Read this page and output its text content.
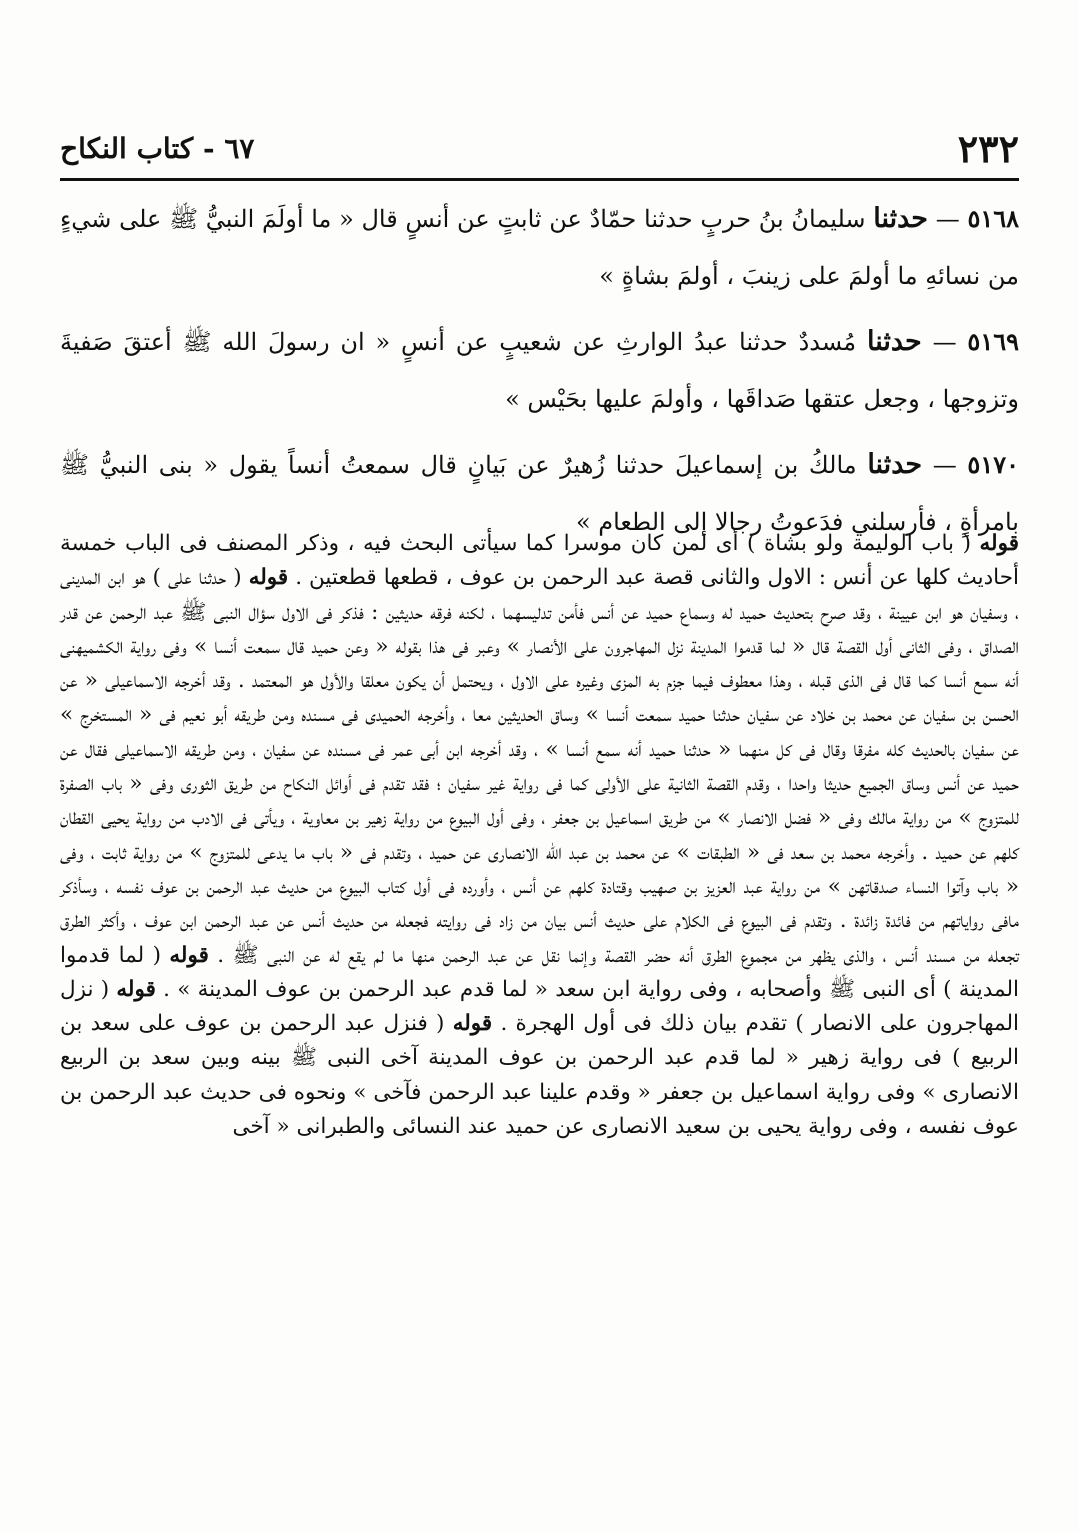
٢٣٢
٦٧ - كتاب النكاح

٥١٦٨ — حدثنا سليمانُ بنُ حربٍ حدثنا حمّادٌ عن ثابتٍ عن أنسٍ قال « ما أولَمَ النبيُّ ﷺ على شيءٍ من نسائهِ ما أولمَ على زينبَ ، أولمَ بشاةٍ »

٥١٦٩ — حدثنا مُسددٌ حدثنا عبدُ الوارثِ عن شعيبٍ عن أنسٍ « ان رسولَ الله ﷺ أعتقَ صَفيةَ وتزوجها ، وجعل عتقها صَداقَها ، وأولمَ عليها بحَيْس »

٥١٧٠ — حدثنا مالكُ بن إسماعيلَ حدثنا زُهيرٌ عن بَيانٍ قال سمعتُ أنساً يقول « بنى النبيُّ ﷺ بامرأةٍ ، فأرسلني فدَعوتُ رجالا إلى الطعام »

قوله ( باب الوليمة ولو بشاة ) أى لمن كان موسرا كما سيأتى البحث فيه ، وذكر المصنف فى الباب خمسة أحاديث كلها عن أنس : الاول والثانى قصة عبد الرحمن بن عوف ، قطعها قطعتين . قوله ( حدثنا على ) هو ابن المدينى ، وسفيان هو ابن عيينة ، وقد صرح بتحديث حميد له وسماع حميد عن أنس فأمن تدليسهما ، لكنه فرقه حديثين : فذكر فى الاول سؤال النبى ﷺ عبد الرحمن عن قدر الصداق ، وفى الثانى أول القصة قال « لما قدموا المدينة نزل المهاجرون على الأنصار » وعبر فى هذا بقوله « وعن حميد قال سمعت أنسا » وفى رواية الكشميهنى أنه سمع أنسا كما قال فى الذى قبله ، وهذا معطوف فيما جزم به المزى وغيره على الاول ، ويحتمل أن يكون معلقا والأول هو المعتمد . وقد أخرجه الاسماعيلى « عن الحسن بن سفيان عن محمد بن خلاد عن سفيان حدثنا حميد سمعت أنسا » وساق الحديثين معا ، وأخرجه الحميدى فى مسنده ومن طريقه أبو نعيم فى « المستخرج » عن سفيان بالحديث كله مفرقا وقال فى كل منهما « حدثنا حميد أنه سمع أنسا » ، وقد أخرجه ابن أبى عمر فى مسنده عن سفيان ، ومن طريقه الاسماعيلى فقال عن حميد عن أنس وساق الجميع حديثا واحدا ، وقدم القصة الثانية على الأولى كما فى رواية غير سفيان ؛ فقد تقدم فى أوائل النكاح من طريق الثورى وفى « باب الصفرة للمتزوج » من رواية مالك وفى « فضل الانصار » من طريق اسماعيل بن جعفر ، وفى أول البيوع من رواية زهير بن معاوية ، ويأتى فى الادب من رواية يحيى القطان كلهم عن حميد . وأخرجه محمد بن سعد فى « الطبقات » عن محمد بن عبد الله الانصارى عن حميد ، وتقدم فى « باب ما يدعى للمتزوج » من رواية ثابت ، وفى « باب وآتوا النساء صدقاتهن » من رواية عبد العزيز بن صهيب وقتادة كلهم عن أنس ، وأورده فى أول كتاب البيوع من حديث عبد الرحمن بن عوف نفسه ، وسأذكر مافى رواياتهم من فائدة زائدة . وتقدم فى البيوع فى الكلام على حديث أنس بيان من زاد فى روايته فجعله من حديث أنس عن عبد الرحمن ابن عوف ، وأكثر الطرق تجعله من مسند أنس ، والذى يظهر من مجموع الطرق أنه حضر القصة وإنما نقل عن عبد الرحمن منها ما لم يقع له عن النبى ﷺ . قوله ( لما قدموا المدينة ) أى النبى ﷺ وأصحابه ، وفى رواية ابن سعد « لما قدم عبد الرحمن بن عوف المدينة » . قوله ( نزل المهاجرون على الانصار ) تقدم بيان ذلك فى أول الهجرة . قوله ( فنزل عبد الرحمن بن عوف على سعد بن الربيع ) فى رواية زهير « لما قدم عبد الرحمن بن عوف المدينة آخى النبى ﷺ بينه وبين سعد بن الربيع الانصارى » وفى رواية اسماعيل بن جعفر « وقدم علينا عبد الرحمن فآخى » ونحوه فى حديث عبد الرحمن بن عوف نفسه ، وفى رواية يحيى بن سعيد الانصارى عن حميد عند النسائى والطبرانى « آخى
